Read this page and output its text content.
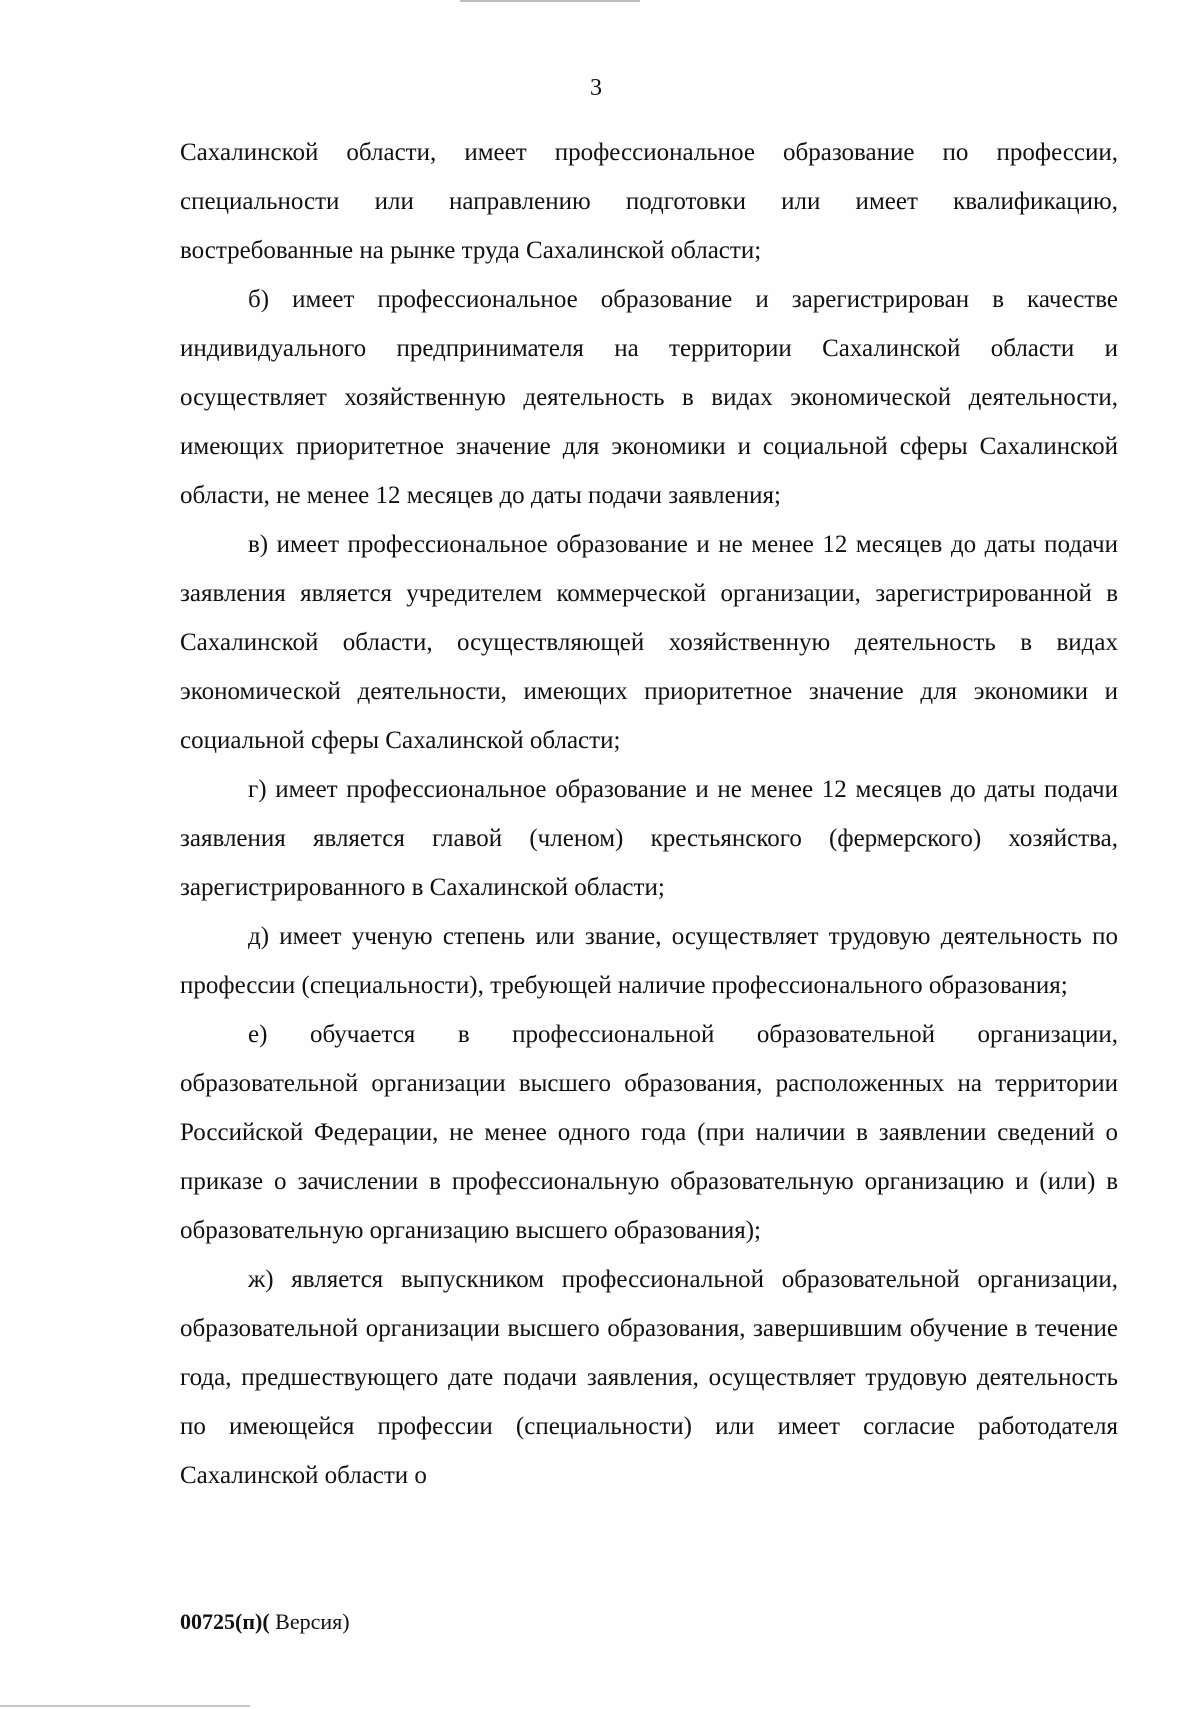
3

Сахалинской области, имеет профессиональное образование по профессии, специальности или направлению подготовки или имеет квалификацию, востребованные на рынке труда Сахалинской области;

б) имеет профессиональное образование и зарегистрирован в качестве индивидуального предпринимателя на территории Сахалинской области и осуществляет хозяйственную деятельность в видах экономической деятельности, имеющих приоритетное значение для экономики и социальной сферы Сахалинской области, не менее 12 месяцев до даты подачи заявления;

в) имеет профессиональное образование и не менее 12 месяцев до даты подачи заявления является учредителем коммерческой организации, зарегистрированной в Сахалинской области, осуществляющей хозяйственную деятельность в видах экономической деятельности, имеющих приоритетное значение для экономики и социальной сферы Сахалинской области;

г) имеет профессиональное образование и не менее 12 месяцев до даты подачи заявления является главой (членом) крестьянского (фермерского) хозяйства, зарегистрированного в Сахалинской области;

д) имеет ученую степень или звание, осуществляет трудовую деятельность по профессии (специальности), требующей наличие профессионального образования;

е) обучается в профессиональной образовательной организации, образовательной организации высшего образования, расположенных на территории Российской Федерации, не менее одного года (при наличии в заявлении сведений о приказе о зачислении в профессиональную образовательную организацию и (или) в образовательную организацию высшего образования);

ж) является выпускником профессиональной образовательной организации, образовательной организации высшего образования, завершившим обучение в течение года, предшествующего дате подачи заявления, осуществляет трудовую деятельность по имеющейся профессии (специальности) или имеет согласие работодателя Сахалинской области о

00725(п)( Версия)
